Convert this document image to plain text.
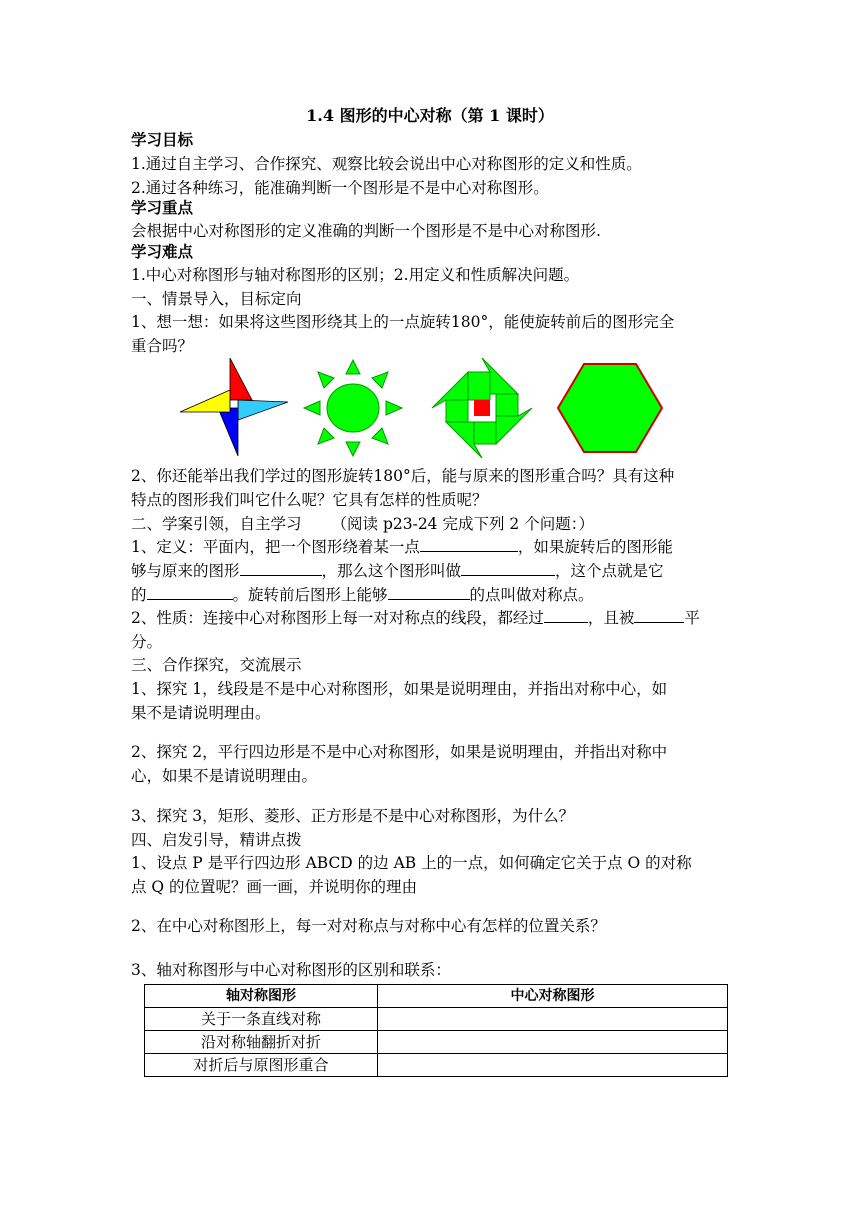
1.4 图形的中心对称（第 1 课时）
学习目标
1.通过自主学习、合作探究、观察比较会说出中心对称图形的定义和性质。
2.通过各种练习，能准确判断一个图形是不是中心对称图形。
学习重点
会根据中心对称图形的定义准确的判断一个图形是不是中心对称图形.
学习难点
1.中心对称图形与轴对称图形的区别；2.用定义和性质解决问题。
一、情景导入，目标定向
1、想一想：如果将这些图形绕其上的一点旋转180°，能使旋转前后的图形完全
重合吗？
2、你还能举出我们学过的图形旋转180°后，能与原来的图形重合吗？具有这种
特点的图形我们叫它什么呢？它具有怎样的性质呢？
二、学案引领，自主学习 （阅读 p23-24 完成下列 2 个问题：）
1、定义：平面内，把一个图形绕着某一点	，如果旋转后的图形能
够与原来的图形	，那么这个图形叫做	，这个点就是它
的	。旋转前后图形上能够	的点叫做对称点。
2、性质：连接中心对称图形上每一对对称点的线段，都经过	，且被	平
分。
三、合作探究，交流展示
1、探究 1，线段是不是中心对称图形，如果是说明理由，并指出对称中心，如
果不是请说明理由。
2、探究 2，平行四边形是不是中心对称图形，如果是说明理由，并指出对称中
心，如果不是请说明理由。
3、探究 3，矩形、菱形、正方形是不是中心对称图形，为什么？
四、启发引导，精讲点拨
1、设点 P 是平行四边形 ABCD 的边 AB 上的一点，如何确定它关于点 O 的对称
点 Q 的位置呢？画一画，并说明你的理由
2、在中心对称图形上，每一对对称点与对称中心有怎样的位置关系？
3、轴对称图形与中心对称图形的区别和联系：
轴对称图形	中心对称图形
关于一条直线对称	
沿对称轴翻折对折	
对折后与原图形重合	
